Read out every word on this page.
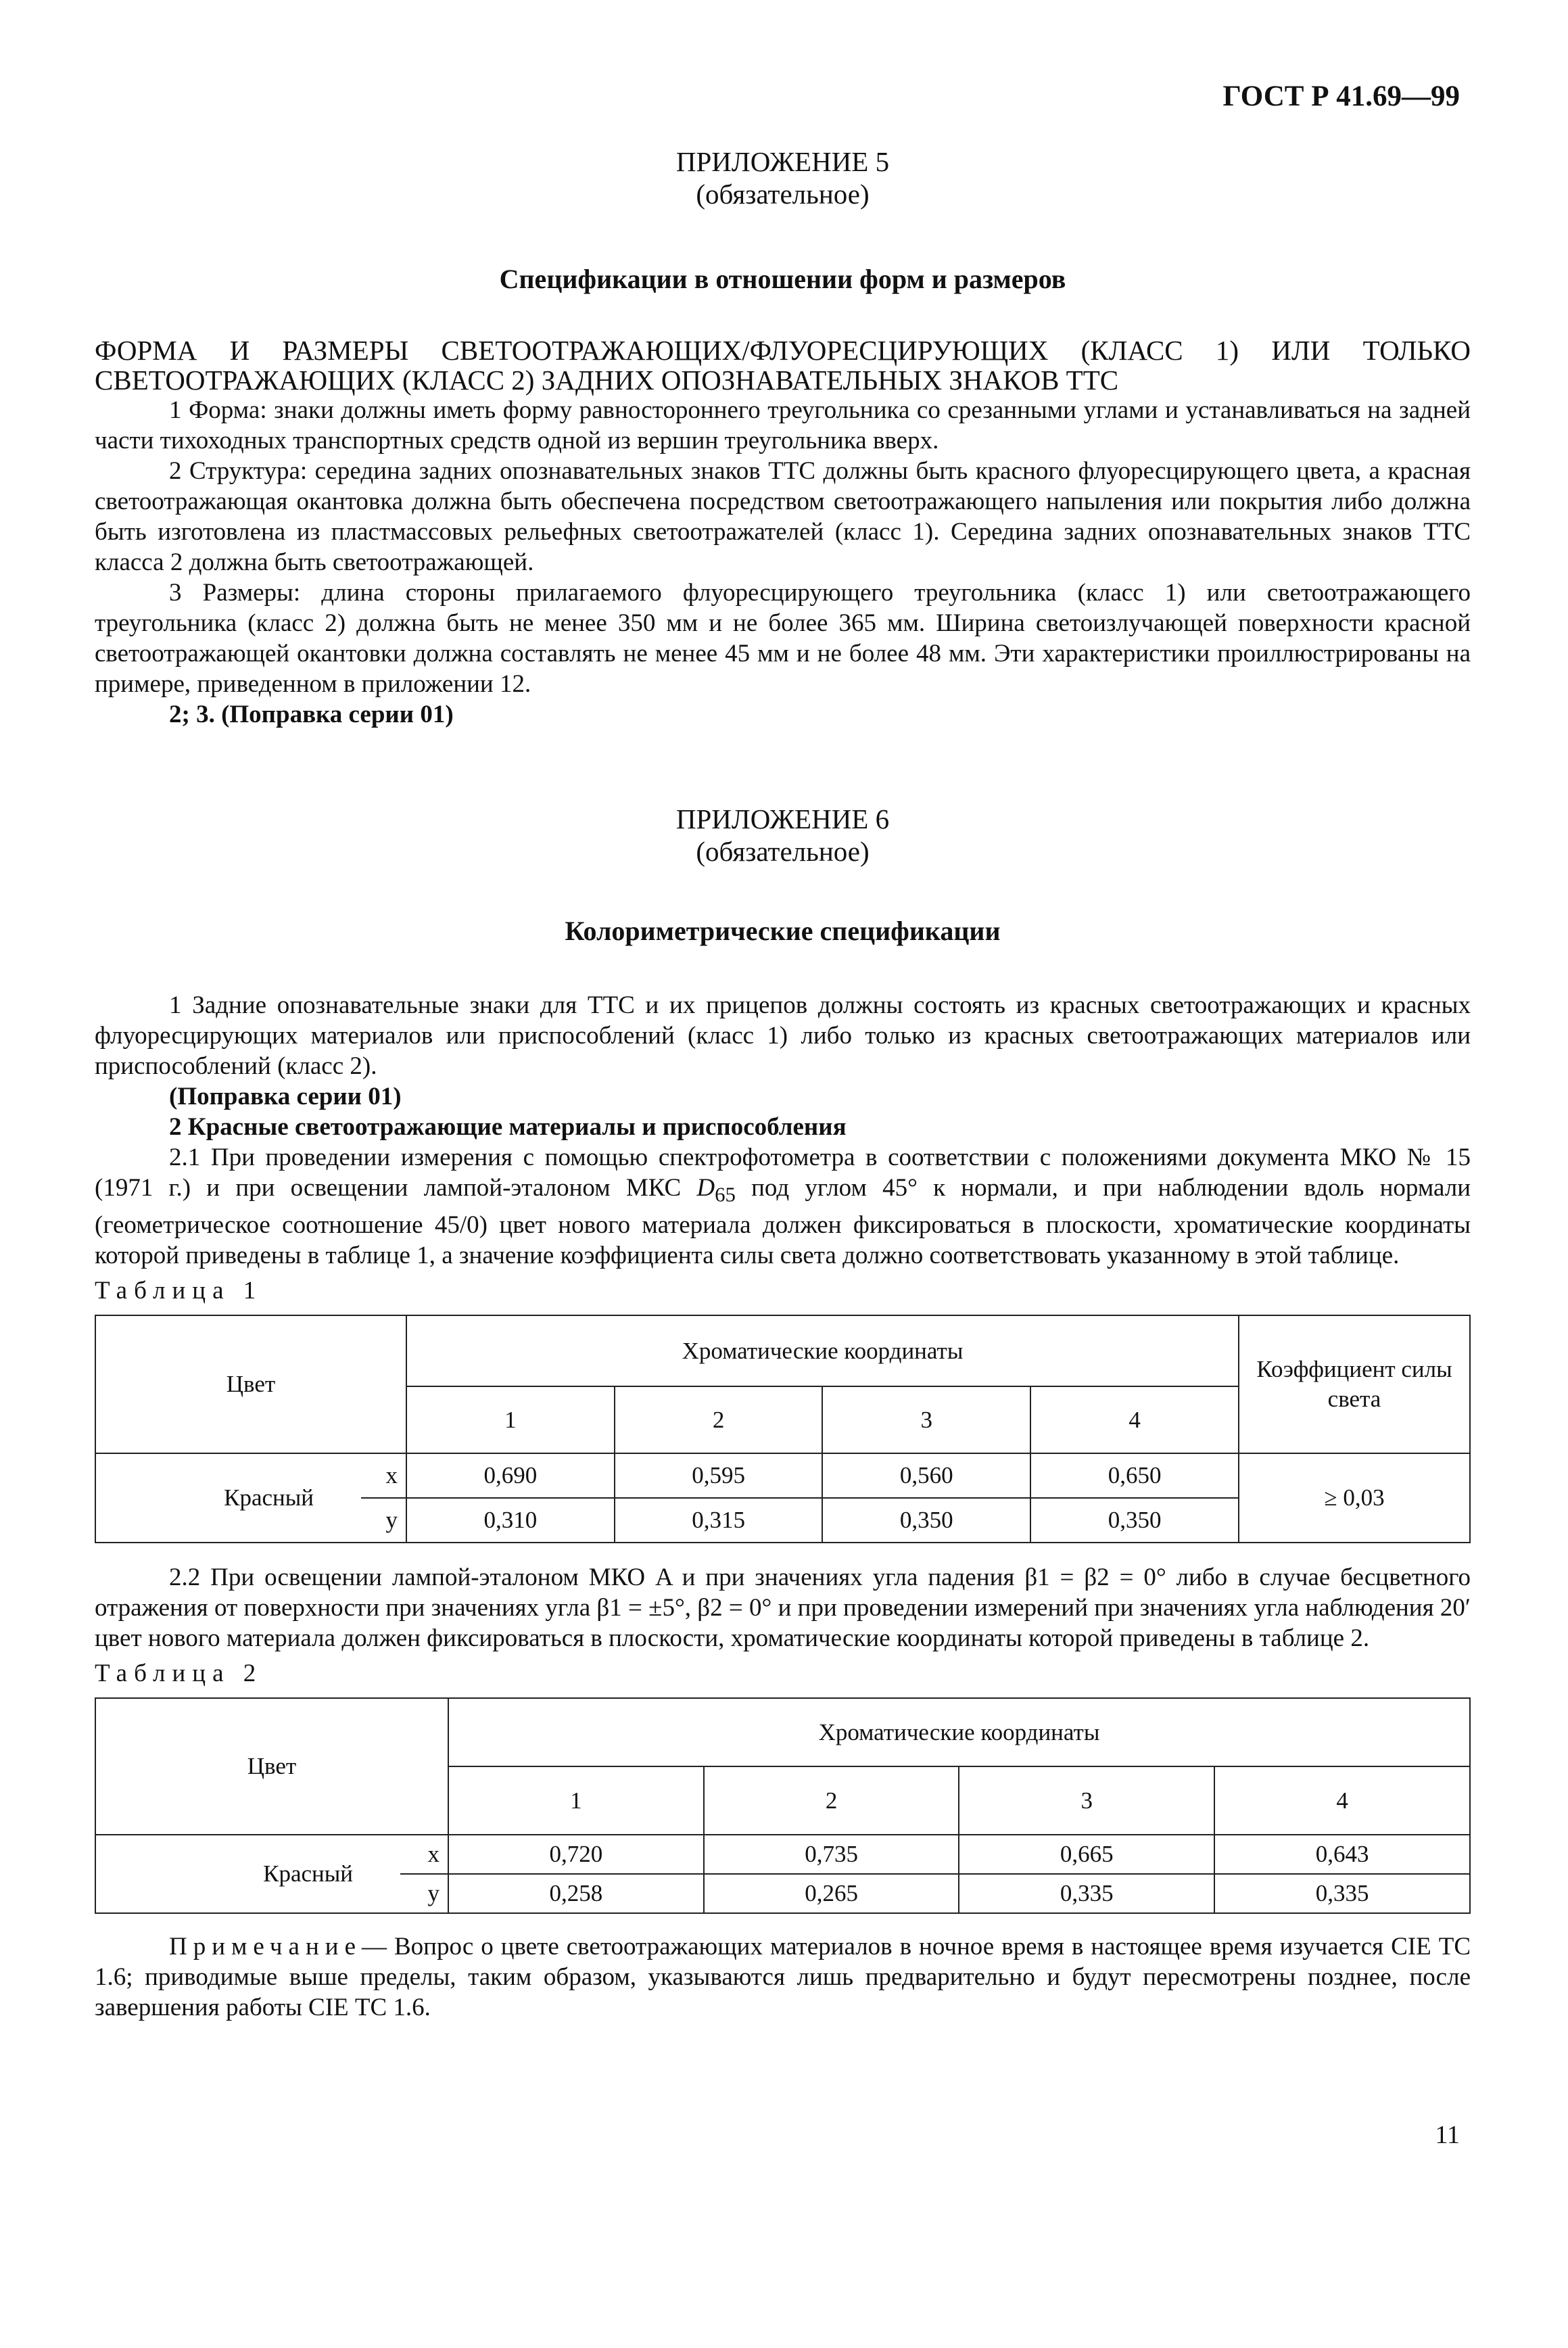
ГОСТ Р 41.69—99
ПРИЛОЖЕНИЕ 5
(обязательное)
Спецификации в отношении форм и размеров
ФОРМА И РАЗМЕРЫ СВЕТООТРАЖАЮЩИХ/ФЛУОРЕСЦИРУЮЩИХ (КЛАСС 1) ИЛИ ТОЛЬКО СВЕТООТРАЖАЮЩИХ (КЛАСС 2) ЗАДНИХ ОПОЗНАВАТЕЛЬНЫХ ЗНАКОВ ТТС

1 Форма: знаки должны иметь форму равностороннего треугольника со срезанными углами и устанавливаться на задней части тихоходных транспортных средств одной из вершин треугольника вверх.

2 Структура: середина задних опознавательных знаков ТТС должны быть красного флуоресцирующего цвета, а красная светоотражающая окантовка должна быть обеспечена посредством светоотражающего напыления или покрытия либо должна быть изготовлена из пластмассовых рельефных светоотражателей (класс 1). Середина задних опознавательных знаков ТТС класса 2 должна быть светоотражающей.

3 Размеры: длина стороны прилагаемого флуоресцирующего треугольника (класс 1) или светоотражающего треугольника (класс 2) должна быть не менее 350 мм и не более 365 мм. Ширина светоизлучающей поверхности красной светоотражающей окантовки должна составлять не менее 45 мм и не более 48 мм. Эти характеристики проиллюстрированы на примере, приведенном в приложении 12.

2; 3. (Поправка серии 01)

ПРИЛОЖЕНИЕ 6
(обязательное)
Колориметрические спецификации

1 Задние опознавательные знаки для ТТС и их прицепов должны состоять из красных светоотражающих и красных флуоресцирующих материалов или приспособлений (класс 1) либо только из красных светоотражающих материалов или приспособлений (класс 2).

(Поправка серии 01)

2 Красные светоотражающие материалы и приспособления

2.1 При проведении измерения с помощью спектрофотометра в соответствии с положениями документа МКО № 15 (1971 г.) и при освещении лампой-эталоном МКС $D_{65}$ под углом 45° к нормали, и при наблюдении вдоль нормали (геометрическое соотношение 45/0) цвет нового материала должен фиксироваться в плоскости, хроматические координаты которой приведены в таблице 1, а значение коэффициента силы света должно соответствовать указанному в этой таблице.

Таблица 1
Цвет		Хроматические координаты				Коэффициент силы света
		1	2	3	4	
Красный	x	0,690	0,595	0,560	0,650	≥ 0,03
	y	0,310	0,315	0,350	0,350	

2.2 При освещении лампой-эталоном МКО A и при значениях угла падения β1 = β2 = 0° либо в случае бесцветного отражения от поверхности при значениях угла β1 = ±5°, β2 = 0° и при проведении измерений при значениях угла наблюдения 20′ цвет нового материала должен фиксироваться в плоскости, хроматические координаты которой приведены в таблице 2.

Таблица 2
Цвет		Хроматические координаты			
		1	2	3	4
Красный	x	0,720	0,735	0,665	0,643
	y	0,258	0,265	0,335	0,335

Примечание— Вопрос о цвете светоотражающих материалов в ночное время в настоящее время изучается CIE ТС 1.6; приводимые выше пределы, таким образом, указываются лишь предварительно и будут пересмотрены позднее, после завершения работы CIE ТС 1.6.

11
